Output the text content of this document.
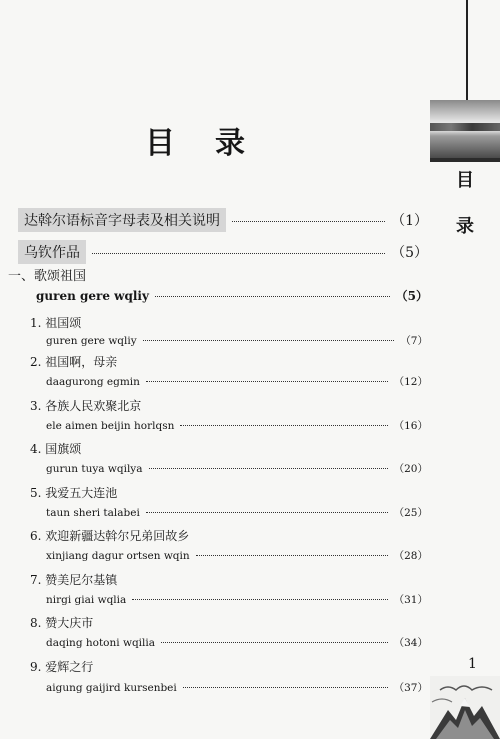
目
录
目录
达斡尔语标音字母表及相关说明	（1）
乌钦作品	（5）
一、歌颂祖国
guren gere wqliy	（5）
1. 祖国颂
guren gere wqliy	（7）
2. 祖国啊，母亲
daagurong egmin	（12）
3. 各族人民欢聚北京
ele aimen beijin horlqsn	（16）
4. 国旗颂
gurun tuya wqilya	（20）
5. 我爱五大连池
taun sheri talabei	（25）
6. 欢迎新疆达斡尔兄弟回故乡
xinjiang dagur ortsen wqin	（28）
7. 赞美尼尔基镇
nirgi giai wqlia	（31）
8. 赞大庆市
daqing hotoni wqilia	（34）
9. 爱辉之行
aigung gaijird kursenbei	（37）
1
